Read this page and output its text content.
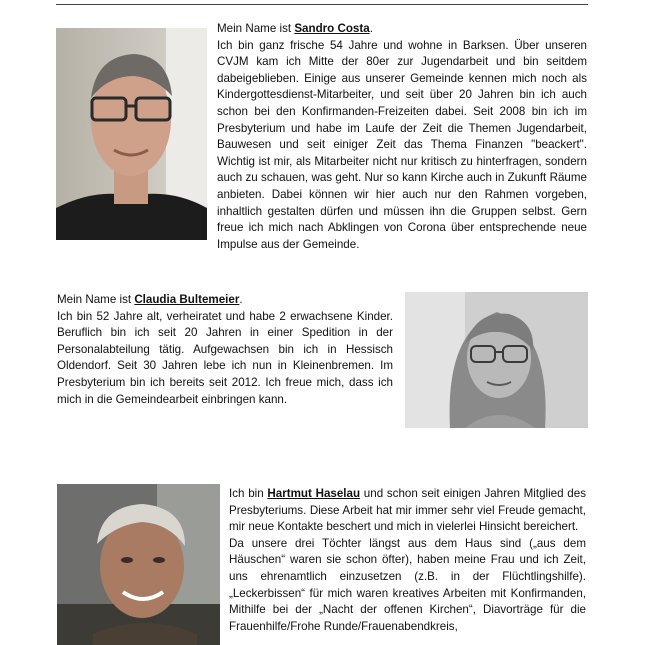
Mein Name ist Sandro Costa.

Ich bin ganz frische 54 Jahre und wohne in Barksen. Über unseren CVJM kam ich Mitte der 80er zur Jugendarbeit und bin seitdem dabeigeblieben. Einige aus unserer Gemeinde kennen mich noch als Kindergottesdienst-Mitarbeiter, und seit über 20 Jahren bin ich auch schon bei den Konfirmanden-Freizeiten dabei. Seit 2008 bin ich im Presbyterium und habe im Laufe der Zeit die Themen Jugendarbeit, Bauwesen und seit einiger Zeit das Thema Finanzen "beackert". Wichtig ist mir, als Mitarbeiter nicht nur kritisch zu hinterfragen, sondern auch zu schauen, was geht. Nur so kann Kirche auch in Zukunft Räume anbieten. Dabei können wir hier auch nur den Rahmen vorgeben, inhaltlich gestalten dürfen und müssen ihn die Gruppen selbst. Gern freue ich mich nach Abklingen von Corona über entsprechende neue Impulse aus der Gemeinde.

Mein Name ist Claudia Bultemeier.

Ich bin 52 Jahre alt, verheiratet und habe 2 erwachsene Kinder. Beruflich bin ich seit 20 Jahren in einer Spedition in der Personalabteilung tätig. Aufgewachsen bin ich in Hessisch Oldendorf. Seit 30 Jahren lebe ich nun in Kleinenbremen. Im Presbyterium bin ich bereits seit 2012. Ich freue mich, dass ich mich in die Gemeindearbeit einbringen kann.

Ich bin Hartmut Haselau und schon seit einigen Jahren Mitglied des Presbyteriums. Diese Arbeit hat mir immer sehr viel Freude gemacht, mir neue Kontakte beschert und mich in vielerlei Hinsicht bereichert.

Da unsere drei Töchter längst aus dem Haus sind („aus dem Häuschen“ waren sie schon öfter), haben meine Frau und ich Zeit, uns ehrenamtlich einzusetzen (z.B. in der Flüchtlingshilfe). „Leckerbissen“ für mich waren kreatives Arbeiten mit Konfirmanden, Mithilfe bei der „Nacht der offenen Kirchen“, Diavorträge für die Frauenhilfe/Frohe Runde/Frauenabendkreis,
